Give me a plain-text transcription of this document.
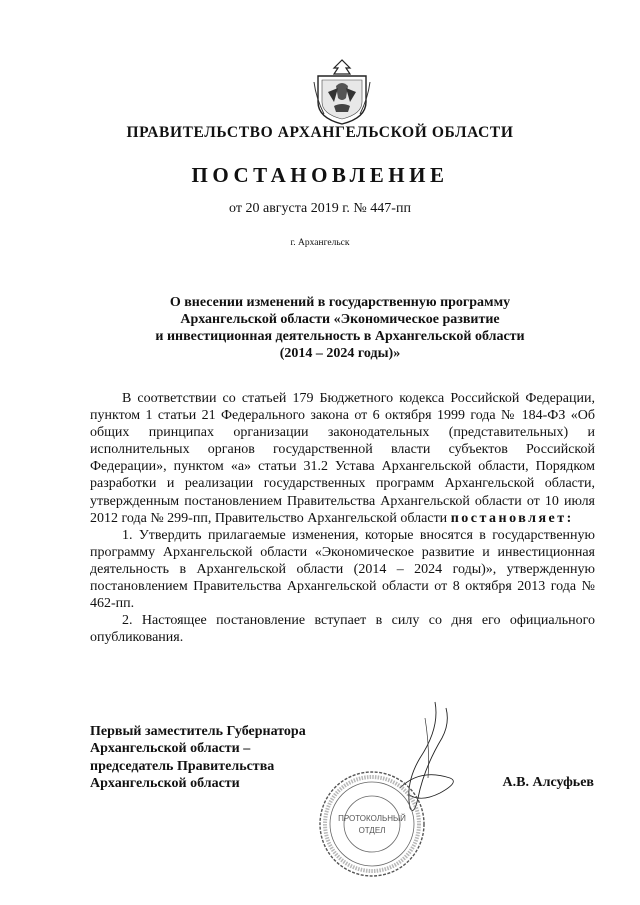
ПРАВИТЕЛЬСТВО АРХАНГЕЛЬСКОЙ ОБЛАСТИ
ПОСТАНОВЛЕНИЕ
от 20 августа 2019 г. № 447-пп
г. Архангельск
О внесении изменений в государственную программу
Архангельской области «Экономическое развитие
и инвестиционная деятельность в Архангельской области
(2014 – 2024 годы)»

В соответствии со статьей 179 Бюджетного кодекса Российской Федерации, пунктом 1 статьи 21 Федерального закона от 6 октября 1999 года № 184-ФЗ «Об общих принципах организации законодательных (представительных) и исполнительных органов государственной власти субъектов Российской Федерации», пунктом «а» статьи 31.2 Устава Архангельской области, Порядком разработки и реализации государственных программ Архангельской области, утвержденным постановлением Правительства Архангельской области от 10 июля 2012 года № 299-пп, Правительство Архангельской области постановляет:

1. Утвердить прилагаемые изменения, которые вносятся в государственную программу Архангельской области «Экономическое развитие и инвестиционная деятельность в Архангельской области (2014 – 2024 годы)», утвержденную постановлением Правительства Архангельской области от 8 октября 2013 года № 462-пп.

2. Настоящее постановление вступает в силу со дня его официального опубликования.

Первый заместитель Губернатора
Архангельской области –
председатель Правительства
Архангельской области	А.В. Алсуфьев
ПРОТОКОЛЬНЫЙ
ОТДЕЛ
